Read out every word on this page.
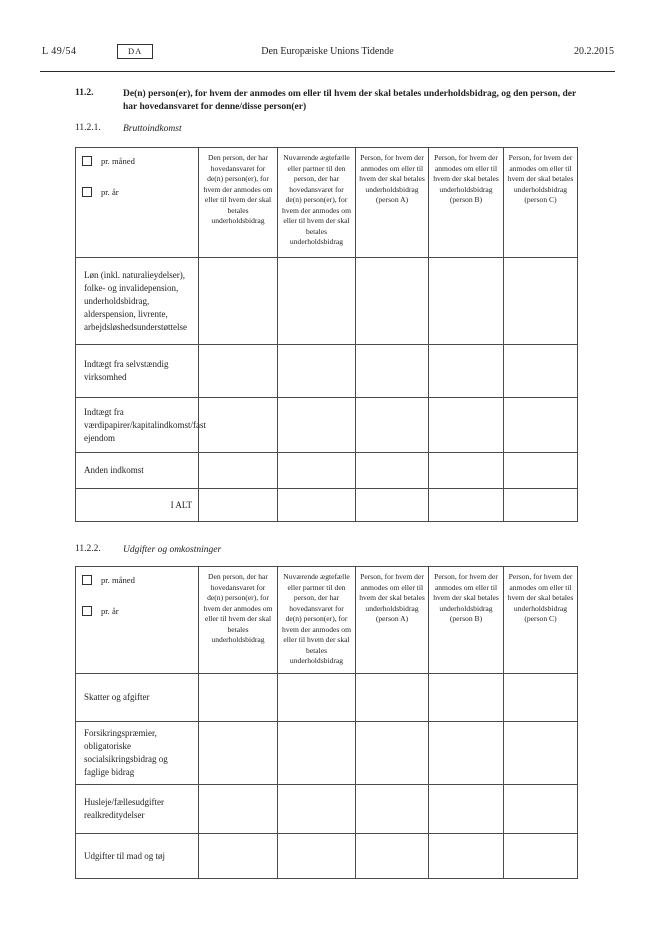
L 49/54	DA	Den Europæiske Unions Tidende	20.2.2015
11.2.	De(n) person(er), for hvem der anmodes om eller til hvem der skal betales underholdsbidrag, og den person, der har hovedansvaret for denne/disse person(er)
11.2.1.	Bruttoindkomst
pr. måned
pr. år	Den person, der har hovedansvaret for de(n) person(er), for hvem der anmodes om eller til hvem der skal betales underholdsbidrag	Nuværende ægtefælle eller partner til den person, der har hovedansvaret for de(n) person(er), for hvem der anmodes om eller til hvem der skal betales underholdsbidrag	Person, for hvem der anmodes om eller til hvem der skal betales underholdsbidrag (person A)	Person, for hvem der anmodes om eller til hvem der skal betales underholdsbidrag (person B)	Person, for hvem der anmodes om eller til hvem der skal betales underholdsbidrag (person C)
Løn (inkl. naturalieydelser), folke- og invalidepension, underholdsbidrag, alderspension, livrente, arbejdsløshedsunderstøttelse					
Indtægt fra selvstændig virksomhed					
Indtægt fra værdipapirer/kapitalindkomst/fast ejendom					
Anden indkomst					
I ALT					
11.2.2.	Udgifter og omkostninger
pr. måned
pr. år	Den person, der har hovedansvaret for de(n) person(er), for hvem der anmodes om eller til hvem der skal betales underholdsbidrag	Nuværende ægtefælle eller partner til den person, der har hovedansvaret for de(n) person(er), for hvem der anmodes om eller til hvem der skal betales underholdsbidrag	Person, for hvem der anmodes om eller til hvem der skal betales underholdsbidrag (person A)	Person, for hvem der anmodes om eller til hvem der skal betales underholdsbidrag (person B)	Person, for hvem der anmodes om eller til hvem der skal betales underholdsbidrag (person C)
Skatter og afgifter					
Forsikringspræmier, obligatoriske socialsikringsbidrag og faglige bidrag					
Husleje/fællesudgifter realkreditydelser					
Udgifter til mad og tøj					
